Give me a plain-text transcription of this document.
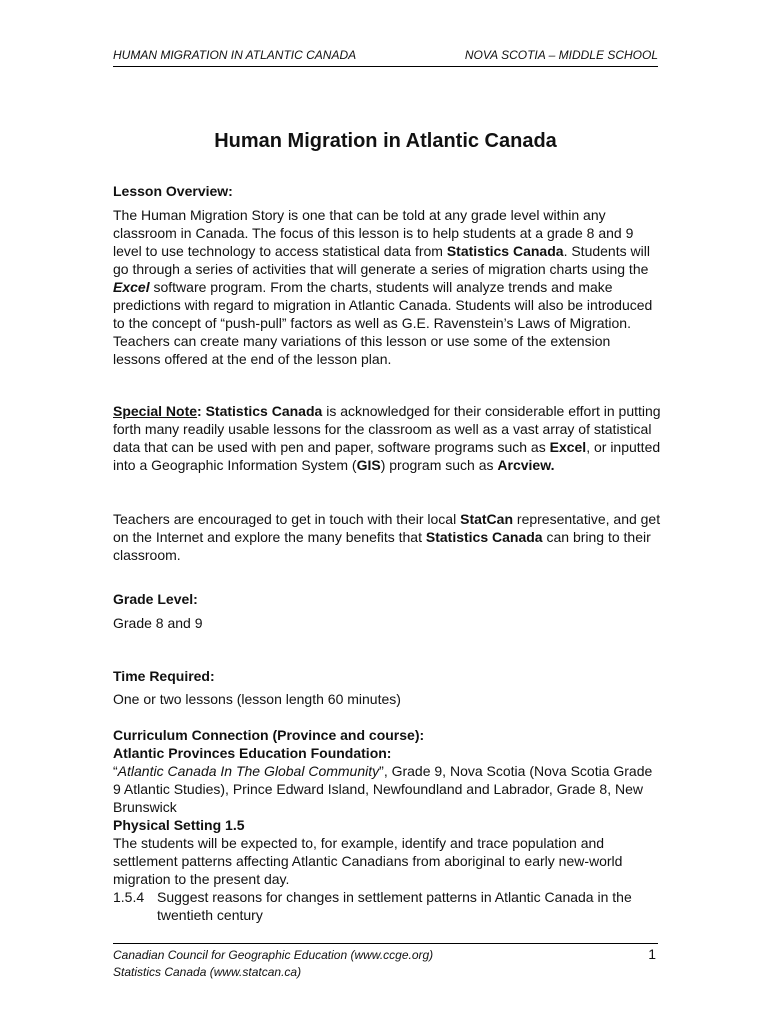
HUMAN MIGRATION IN ATLANTIC CANADA	NOVA SCOTIA – MIDDLE SCHOOL
Human Migration in Atlantic Canada
Lesson Overview:
The Human Migration Story is one that can be told at any grade level within any classroom in Canada. The focus of this lesson is to help students at a grade 8 and 9 level to use technology to access statistical data from Statistics Canada. Students will go through a series of activities that will generate a series of migration charts using the Excel software program. From the charts, students will analyze trends and make predictions with regard to migration in Atlantic Canada. Students will also be introduced to the concept of “push-pull” factors as well as G.E. Ravenstein’s Laws of Migration. Teachers can create many variations of this lesson or use some of the extension lessons offered at the end of the lesson plan.
Special Note: Statistics Canada is acknowledged for their considerable effort in putting forth many readily usable lessons for the classroom as well as a vast array of statistical data that can be used with pen and paper, software programs such as Excel, or inputted into a Geographic Information System (GIS) program such as Arcview.
Teachers are encouraged to get in touch with their local StatCan representative, and get on the Internet and explore the many benefits that Statistics Canada can bring to their classroom.
Grade Level:
Grade 8 and 9
Time Required:
One or two lessons (lesson length 60 minutes)
Curriculum Connection (Province and course):
Atlantic Provinces Education Foundation:
“Atlantic Canada In The Global Community”, Grade 9, Nova Scotia (Nova Scotia Grade 9 Atlantic Studies), Prince Edward Island, Newfoundland and Labrador, Grade 8, New Brunswick
Physical Setting 1.5
The students will be expected to, for example, identify and trace population and settlement patterns affecting Atlantic Canadians from aboriginal to early new-world migration to the present day.
1.5.4 Suggest reasons for changes in settlement patterns in Atlantic Canada in the twentieth century
Canadian Council for Geographic Education (www.ccge.org)
Statistics Canada (www.statcan.ca)
1
